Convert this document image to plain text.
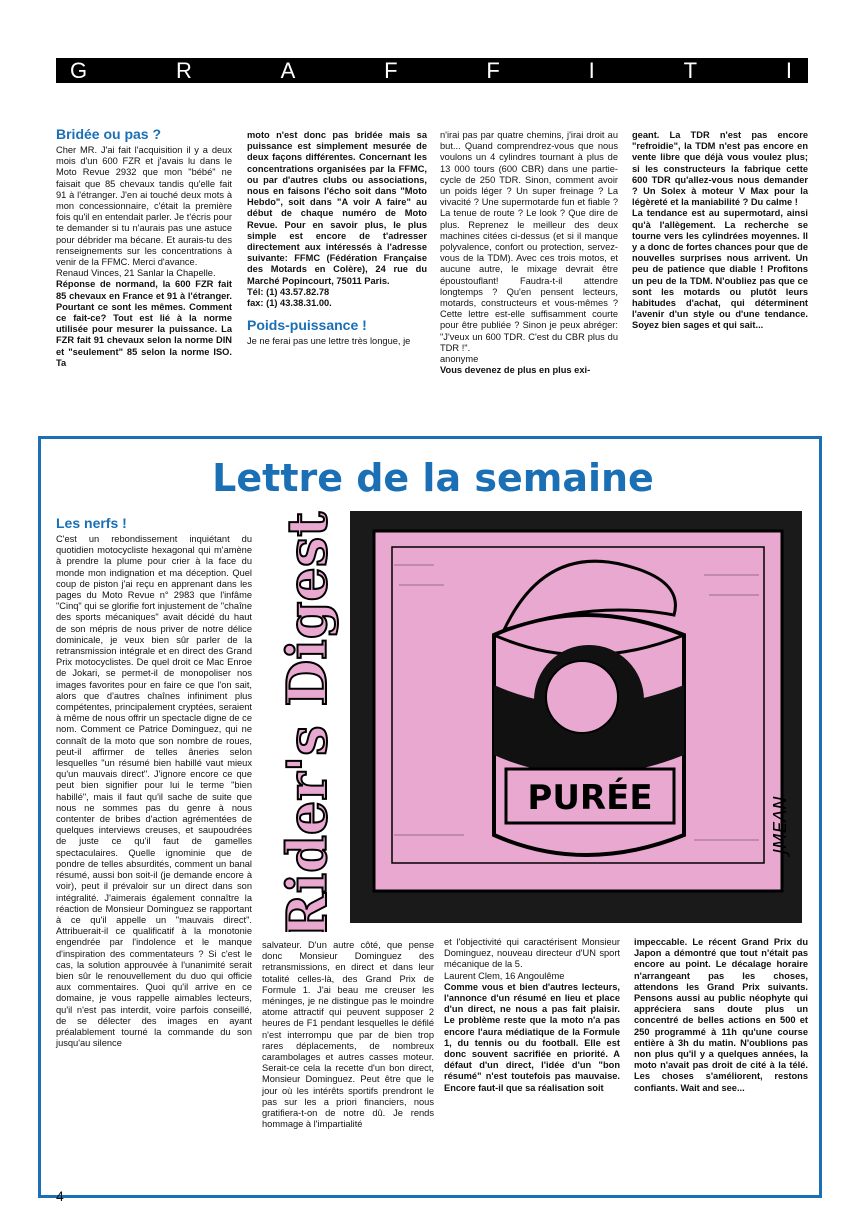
G	R	A	F	F	I	T	I
Bridée ou pas ?

Cher MR. J'ai fait l'acquisition il y a deux mois d'un 600 FZR et j'avais lu dans le Moto Revue 2932 que mon "bébé" ne faisait que 85 chevaux tandis qu'elle fait 91 à l'étranger. J'en ai touché deux mots à mon concessionnaire, c'était la première fois qu'il en entendait parler. Je t'écris pour te demander si tu n'aurais pas une astuce pour débrider ma bécane. Et aurais-tu des renseignements sur les concentrations à venir de la FFMC. Merci d'avance.

Renaud Vinces, 21 Sanlar la Chapelle.

Réponse de normand, la 600 FZR fait 85 chevaux en France et 91 à l'étranger. Pourtant ce sont les mêmes. Comment ce fait-ce? Tout est lié à la norme utilisée pour mesurer la puissance. La FZR fait 91 chevaux selon la norme DIN et "seulement" 85 selon la norme ISO. Ta

moto n'est donc pas bridée mais sa puissance est simplement mesurée de deux façons différentes. Concernant les concentrations organisées par la FFMC, ou par d'autres clubs ou associations, nous en faisons l'écho soit dans "Moto Hebdo", soit dans "A voir A faire" au début de chaque numéro de Moto Revue. Pour en savoir plus, le plus simple est encore de t'adresser directement aux intéressés à l'adresse suivante: FFMC (Fédération Française des Motards en Colère), 24 rue du Marché Popincourt, 75011 Paris.

Tél: (1) 43.57.82.78

fax: (1) 43.38.31.00.

Poids-puissance !

Je ne ferai pas une lettre très longue, je

n'irai pas par quatre chemins, j'irai droit au but... Quand comprendrez-vous que nous voulons un 4 cylindres tournant à plus de 13 000 tours (600 CBR) dans une partie-cycle de 250 TDR. Sinon, comment avoir un poids léger ? Un super freinage ? La vivacité ? Une supermotarde fun et fiable ? La tenue de route ? Le look ? Que dire de plus. Reprenez le meilleur des deux machines citées ci-dessus (et si il manque polyvalence, confort ou protection, servez-vous de la TDM). Avec ces trois motos, et aucune autre, le mixage devrait être époustouflant! Faudra-t-il attendre longtemps ? Qu'en pensent lecteurs, motards, constructeurs et vous-mêmes ? Cette lettre est-elle suffisamment courte pour être publiée ? Sinon je peux abréger: "J'veux un 600 TDR. C'est du CBR plus du TDR !".

anonyme

Vous devenez de plus en plus exi-

geant. La TDR n'est pas encore "refroidie", la TDM n'est pas encore en vente libre que déjà vous voulez plus; si les constructeurs la fabrique cette 600 TDR qu'allez-vous nous demander ? Un Solex à moteur V Max pour la légèreté et la maniabilité ? Du calme !

La tendance est au supermotard, ainsi qu'à l'allègement. La recherche se tourne vers les cylindrées moyennes. Il y a donc de fortes chances pour que de nouvelles surprises nous arrivent. Un peu de patience que diable ! Profitons un peu de la TDM. N'oubliez pas que ce sont les motards ou plutôt leurs habitudes d'achat, qui déterminent l'avenir d'un style ou d'une tendance. Soyez bien sages et qui sait...

Lettre de la semaine
Les nerfs !

C'est un rebondissement inquiétant du quotidien motocycliste hexagonal qui m'amène à prendre la plume pour crier à la face du monde mon indignation et ma déception. Quel coup de piston j'ai reçu en apprenant dans les pages du Moto Revue n° 2983 que l'infâme "Cinq" qui se glorifie fort injustement de "chaîne des sports mécaniques" avait décidé du haut de son mépris de nous priver de notre délice dominicale, je veux bien sûr parler de la retransmission intégrale et en direct des Grand Prix motocyclistes. De quel droit ce Mac Enroe de Jokari, se permet-il de monopoliser nos images favorites pour en faire ce que l'on sait, alors que d'autres chaînes infiniment plus compétentes, principalement cryptées, seraient à même de nous offrir un spectacle digne de ce nom. Comment ce Patrice Dominguez, qui ne connaît de la moto que son nombre de roues, peut-il affirmer de telles âneries selon lesquelles "un résumé bien habillé vaut mieux qu'un mauvais direct". J'ignore encore ce que peut bien signifier pour lui le terme "bien habillé", mais il faut qu'il sache de suite que nous ne sommes pas du genre à nous contenter de bribes d'action agrémentées de quelques interviews creuses, et saupoudrées de juste ce qu'il faut de gamelles spectaculaires. Quelle ignominie que de pondre de telles absurdités, comment un banal résumé, aussi bon soit-il (je demande encore à voir), peut il prévaloir sur un direct dans son intégralité. J'aimerais également connaître la réaction de Monsieur Dominguez se rapportant à ce qu'il appelle un "mauvais direct". Attribuerait-il ce qualificatif à la monotonie engendrée par l'indolence et le manque d'inspiration des commentateurs ? Si c'est le cas, la solution approuvée à l'unanimité serait bien sûr le renouvellement du duo qui officie aux commentaires. Quoi qu'il arrive en ce domaine, je vous rappelle aimables lecteurs, qu'il n'est pas interdit, voire parfois conseillé, de se délecter des images en ayant préalablement tourné la commande du son jusqu'au silence

PURÉE
Rider's Digest	JMEAN

salvateur. D'un autre côté, que pense donc Monsieur Dominguez des retransmissions, en direct et dans leur totalité celles-là, des Grand Prix de Formule 1. J'ai beau me creuser les méninges, je ne distingue pas le moindre atome attractif qui peuvent supposer 2 heures de F1 pendant lesquelles le défilé n'est interrompu que par de bien trop rares déplacements, de nombreux carambolages et autres casses moteur. Serait-ce cela la recette d'un bon direct, Monsieur Dominguez. Peut être que le jour où les intérêts sportifs prendront le pas sur les a priori financiers, nous gratifiera-t-on de notre dû. Je rends hommage à l'impartialité

et l'objectivité qui caractérisent Monsieur Dominguez, nouveau directeur d'UN sport mécanique de la 5.

Laurent Clem, 16 Angoulême

Comme vous et bien d'autres lecteurs, l'annonce d'un résumé en lieu et place d'un direct, ne nous a pas fait plaisir. Le problème reste que la moto n'a pas encore l'aura médiatique de la Formule 1, du tennis ou du football. Elle est donc souvent sacrifiée en priorité. A défaut d'un direct, l'idée d'un "bon résumé" n'est toutefois pas mauvaise. Encore faut-il que sa réalisation soit

impeccable. Le récent Grand Prix du Japon a démontré que tout n'était pas encore au point. Le décalage horaire n'arrangeant pas les choses, attendons les Grand Prix suivants. Pensons aussi au public néophyte qui appréciera sans doute plus un concentré de belles actions en 500 et 250 programmé à 11h qu'une course entière à 3h du matin. N'oublions pas non plus qu'il y a quelques années, la moto n'avait pas droit de cité à la télé. Les choses s'améliorent, restons confiants. Wait and see...

4
